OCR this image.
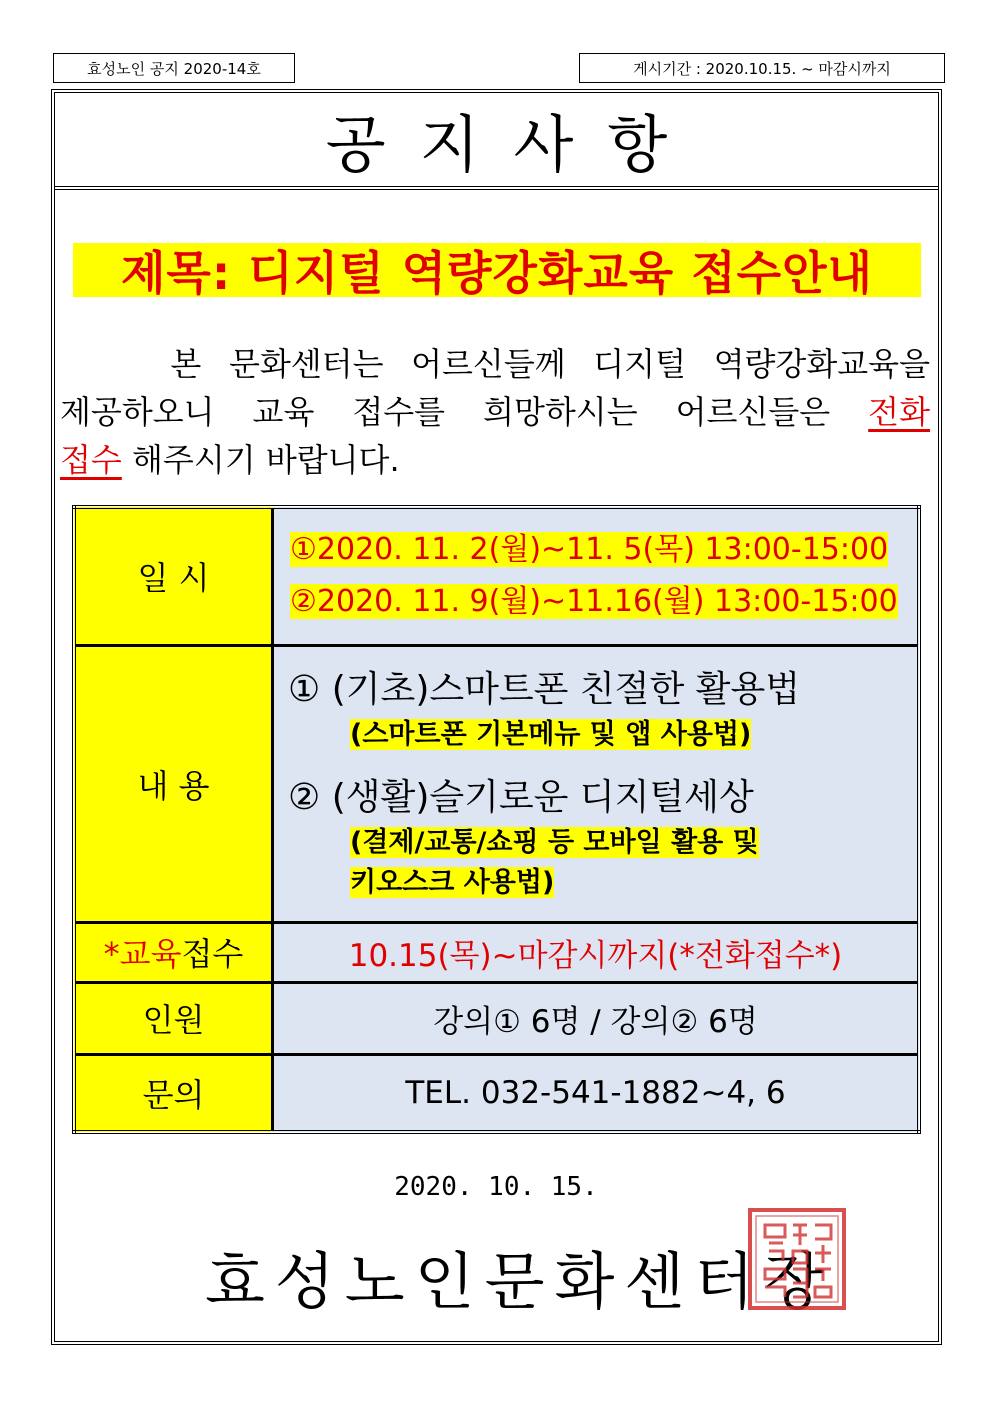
효성노인 공지 2020-14호	게시기간 : 2020.10.15. ~ 마감시까지
공지사항
제목: 디지털 역량강화교육 접수안내
본 문화센터는 어르신들께 디지털 역량강화교육을
제공하오니 교육 접수를 희망하시는 어르신들은 전화
접수 해주시기 바랍니다.
일 시	①2020. 11. 2(월)~11. 5(목) 13:00-15:00
②2020. 11. 9(월)~11.16(월) 13:00-15:00

내 용	① (기초)스마트폰 친절한 활용법
(스마트폰 기본메뉴 및 앱 사용법)
② (생활)슬기로운 디지털세상
(결제/교통/쇼핑 등 모바일 활용 및
키오스크 사용법)

*교육접수	10.15(목)~마감시까지(*전화접수*)
인원	강의① 6명 / 강의② 6명
문의	TEL. 032-541-1882~4, 6
2020. 10. 15.
효성노인문화센터장
